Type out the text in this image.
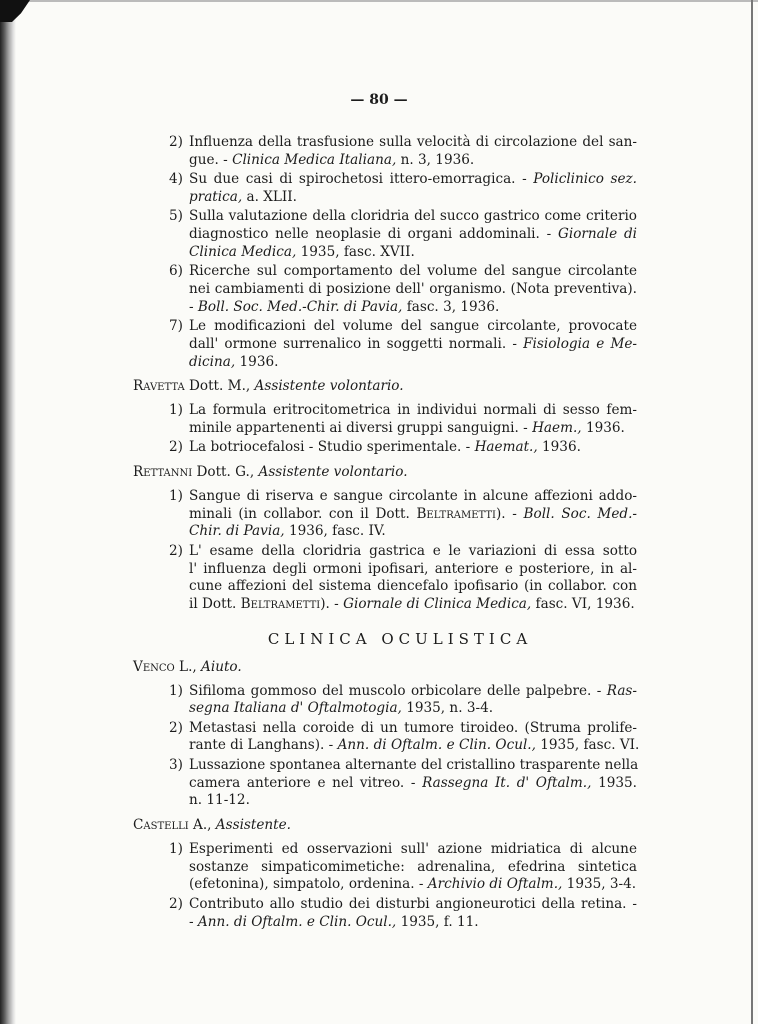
— 80 —
2) Influenza della trasfusione sulla velocità di circolazione del san-
gue. - Clinica Medica Italiana, n. 3, 1936.
4) Su due casi di spirochetosi ittero-emorragica. - Policlinico sez.
pratica, a. XLII.
5) Sulla valutazione della cloridria del succo gastrico come criterio
diagnostico nelle neoplasie di organi addominali. - Giornale di
Clinica Medica, 1935, fasc. XVII.
6) Ricerche sul comportamento del volume del sangue circolante
nei cambiamenti di posizione dell' organismo. (Nota preventiva).
- Boll. Soc. Med.-Chir. di Pavia, fasc. 3, 1936.
7) Le modificazioni del volume del sangue circolante, provocate
dall' ormone surrenalico in soggetti normali. - Fisiologia e Me-
dicina, 1936.
Ravetta Dott. M., Assistente volontario.
1) La formula eritrocitometrica in individui normali di sesso fem-
minile appartenenti ai diversi gruppi sanguigni. - Haem., 1936.
2) La botriocefalosi - Studio sperimentale. - Haemat., 1936.
Rettanni Dott. G., Assistente volontario.
1) Sangue di riserva e sangue circolante in alcune affezioni addo-
minali (in collabor. con il Dott. Beltrametti). - Boll. Soc. Med.-
Chir. di Pavia, 1936, fasc. IV.
2) L' esame della cloridria gastrica e le variazioni di essa sotto
l' influenza degli ormoni ipofisari, anteriore e posteriore, in al-
cune affezioni del sistema diencefalo ipofisario (in collabor. con
il Dott. Beltrametti). - Giornale di Clinica Medica, fasc. VI, 1936.
CLINICA OCULISTICA
Venco L., Aiuto.
1) Sifiloma gommoso del muscolo orbicolare delle palpebre. - Ras-
segna Italiana d' Oftalmotogia, 1935, n. 3-4.
2) Metastasi nella coroide di un tumore tiroideo. (Struma prolife-
rante di Langhans). - Ann. di Oftalm. e Clin. Ocul., 1935, fasc. VI.
3) Lussazione spontanea alternante del cristallino trasparente nella
camera anteriore e nel vitreo. - Rassegna It. d' Oftalm., 1935.
n. 11-12.
Castelli A., Assistente.
1) Esperimenti ed osservazioni sull' azione midriatica di alcune
sostanze simpaticomimetiche: adrenalina, efedrina sintetica
(efetonina), simpatolo, ordenina. - Archivio di Oftalm., 1935, 3-4.
2) Contributo allo studio dei disturbi angioneurotici della retina. -
- Ann. di Oftalm. e Clin. Ocul., 1935, f. 11.
